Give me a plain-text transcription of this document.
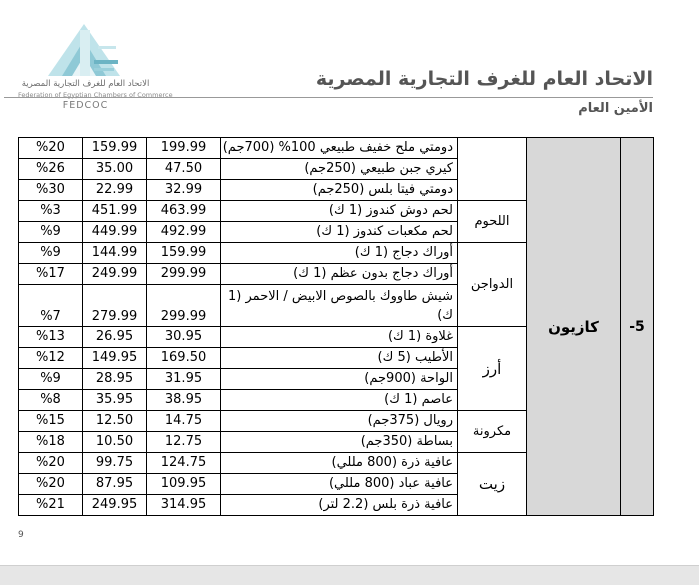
الاتحاد العام للغرف التجارية المصرية
Federation of Egyptian Chambers of Commerce
FEDCOC
الاتحاد العام للغرف التجارية المصرية
الأمين العام
%20	159.99	199.99	دومتي ملح خفيف طبيعي 100% (700جم)		كازيون	-5
%26	35.00	47.50	كيري جبن طبيعي (250جم)			
%30	22.99	32.99	دومتي فيتا بلس (250جم)			
%3	451.99	463.99	لحم دوش كندوز (1 ك)	اللحوم		
%9	449.99	492.99	لحم مكعبات كندوز (1 ك)			
%9	144.99	159.99	أوراك دجاج (1 ك)	الدواجن		
%17	249.99	299.99	أوراك دجاج بدون عظم (1 ك)			
%7	279.99	299.99	شيش طاووك بالصوص الابيض / الاحمر (1 ك)			
%13	26.95	30.95	غلاوة (1 ك)	أرز		
%12	149.95	169.50	الأطيب (5 ك)			
%9	28.95	31.95	الواحة (900جم)			
%8	35.95	38.95	عاصم (1 ك)			
%15	12.50	14.75	رويال (375جم)	مكرونة		
%18	10.50	12.75	بساطة (350جم)			
%20	99.75	124.75	عافية ذرة (800 مللي)	زيت		
%20	87.95	109.95	عافية عباد (800 مللي)			
%21	249.95	314.95	عافية ذرة بلس (2.2 لتر)			
9
